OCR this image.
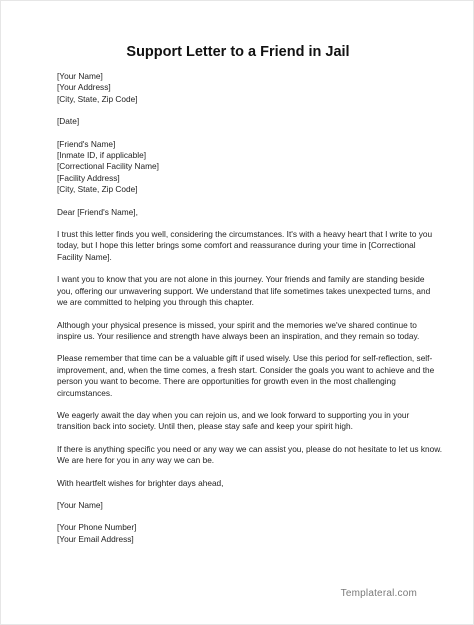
Support Letter to a Friend in Jail
[Your Name]
[Your Address]
[City, State, Zip Code]
[Date]
[Friend's Name]
[Inmate ID, if applicable]
[Correctional Facility Name]
[Facility Address]
[City, State, Zip Code]
Dear [Friend's Name],
I trust this letter finds you well, considering the circumstances. It's with a heavy heart that I write to you
today, but I hope this letter brings some comfort and reassurance during your time in [Correctional
Facility Name].
I want you to know that you are not alone in this journey. Your friends and family are standing beside
you, offering our unwavering support. We understand that life sometimes takes unexpected turns, and
we are committed to helping you through this chapter.
Although your physical presence is missed, your spirit and the memories we've shared continue to
inspire us. Your resilience and strength have always been an inspiration, and they remain so today.
Please remember that time can be a valuable gift if used wisely. Use this period for self-reflection, self-
improvement, and, when the time comes, a fresh start. Consider the goals you want to achieve and the
person you want to become. There are opportunities for growth even in the most challenging
circumstances.
We eagerly await the day when you can rejoin us, and we look forward to supporting you in your
transition back into society. Until then, please stay safe and keep your spirit high.
If there is anything specific you need or any way we can assist you, please do not hesitate to let us know.
We are here for you in any way we can be.
With heartfelt wishes for brighter days ahead,
[Your Name]
[Your Phone Number]
[Your Email Address]
Templateral.com
